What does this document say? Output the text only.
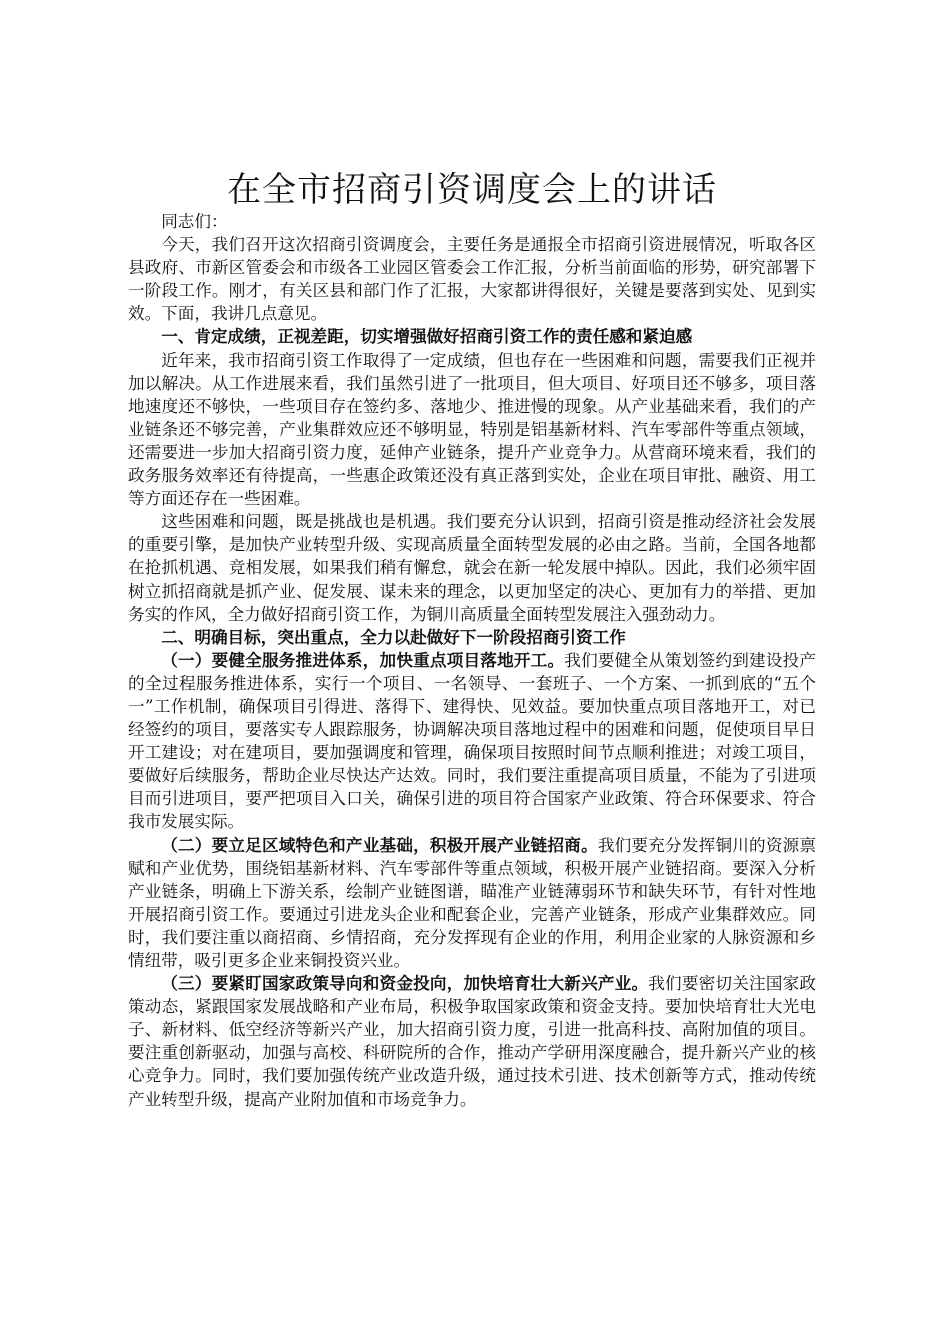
在全市招商引资调度会上的讲话

同志们：

今天，我们召开这次招商引资调度会，主要任务是通报全市招商引资进展情况，听取各区县政府、市新区管委会和市级各工业园区管委会工作汇报，分析当前面临的形势，研究部署下一阶段工作。刚才，有关区县和部门作了汇报，大家都讲得很好，关键是要落到实处、见到实效。下面，我讲几点意见。

一、肯定成绩，正视差距，切实增强做好招商引资工作的责任感和紧迫感

近年来，我市招商引资工作取得了一定成绩，但也存在一些困难和问题，需要我们正视并加以解决。从工作进展来看，我们虽然引进了一批项目，但大项目、好项目还不够多，项目落地速度还不够快，一些项目存在签约多、落地少、推进慢的现象。从产业基础来看，我们的产业链条还不够完善，产业集群效应还不够明显，特别是铝基新材料、汽车零部件等重点领域，还需要进一步加大招商引资力度，延伸产业链条，提升产业竞争力。从营商环境来看，我们的政务服务效率还有待提高，一些惠企政策还没有真正落到实处，企业在项目审批、融资、用工等方面还存在一些困难。

这些困难和问题，既是挑战也是机遇。我们要充分认识到，招商引资是推动经济社会发展的重要引擎，是加快产业转型升级、实现高质量全面转型发展的必由之路。当前，全国各地都在抢抓机遇、竞相发展，如果我们稍有懈怠，就会在新一轮发展中掉队。因此，我们必须牢固树立抓招商就是抓产业、促发展、谋未来的理念，以更加坚定的决心、更加有力的举措、更加务实的作风，全力做好招商引资工作，为铜川高质量全面转型发展注入强劲动力。

二、明确目标，突出重点，全力以赴做好下一阶段招商引资工作

（一）要健全服务推进体系，加快重点项目落地开工。我们要健全从策划签约到建设投产的全过程服务推进体系，实行一个项目、一名领导、一套班子、一个方案、一抓到底的“五个一”工作机制，确保项目引得进、落得下、建得快、见效益。要加快重点项目落地开工，对已经签约的项目，要落实专人跟踪服务，协调解决项目落地过程中的困难和问题，促使项目早日开工建设；对在建项目，要加强调度和管理，确保项目按照时间节点顺利推进；对竣工项目，要做好后续服务，帮助企业尽快达产达效。同时，我们要注重提高项目质量，不能为了引进项目而引进项目，要严把项目入口关，确保引进的项目符合国家产业政策、符合环保要求、符合我市发展实际。

（二）要立足区域特色和产业基础，积极开展产业链招商。我们要充分发挥铜川的资源禀赋和产业优势，围绕铝基新材料、汽车零部件等重点领域，积极开展产业链招商。要深入分析产业链条，明确上下游关系，绘制产业链图谱，瞄准产业链薄弱环节和缺失环节，有针对性地开展招商引资工作。要通过引进龙头企业和配套企业，完善产业链条，形成产业集群效应。同时，我们要注重以商招商、乡情招商，充分发挥现有企业的作用，利用企业家的人脉资源和乡情纽带，吸引更多企业来铜投资兴业。

（三）要紧盯国家政策导向和资金投向，加快培育壮大新兴产业。我们要密切关注国家政策动态，紧跟国家发展战略和产业布局，积极争取国家政策和资金支持。要加快培育壮大光电子、新材料、低空经济等新兴产业，加大招商引资力度，引进一批高科技、高附加值的项目。要注重创新驱动，加强与高校、科研院所的合作，推动产学研用深度融合，提升新兴产业的核心竞争力。同时，我们要加强传统产业改造升级，通过技术引进、技术创新等方式，推动传统产业转型升级，提高产业附加值和市场竞争力。
